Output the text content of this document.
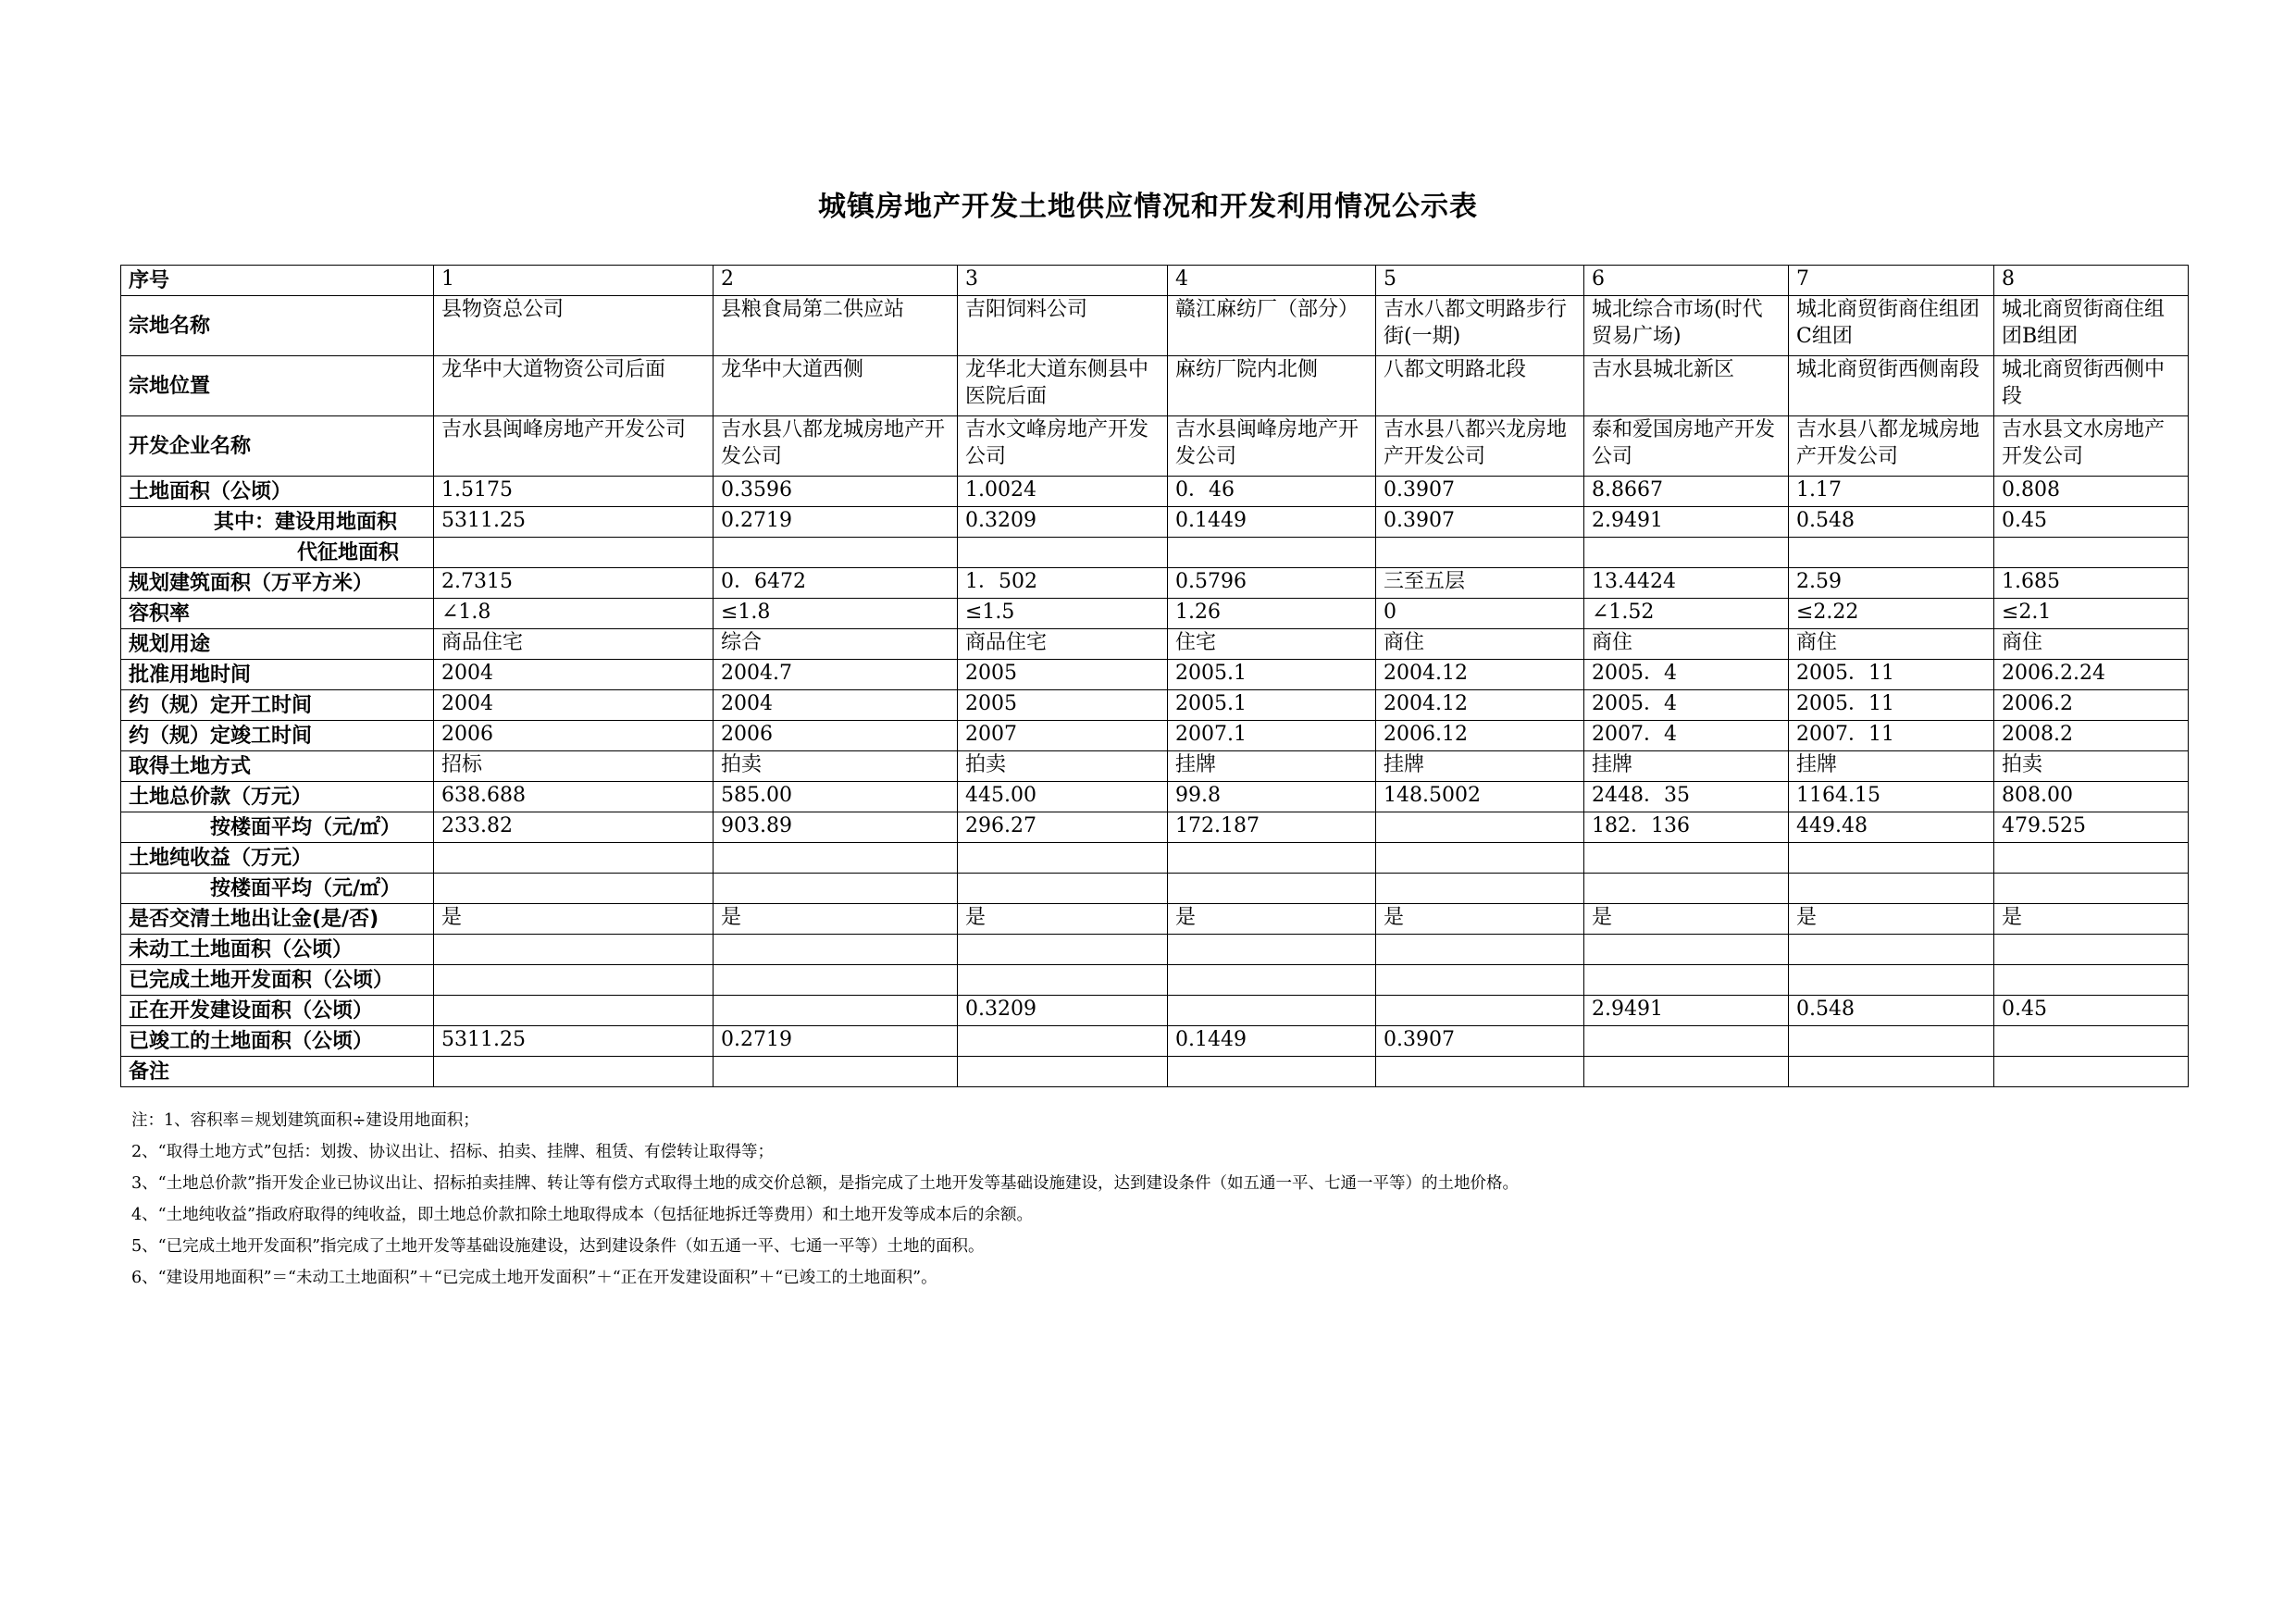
城镇房地产开发土地供应情况和开发利用情况公示表
序号	1	2	3	4	5	6	7	8
宗地名称	县物资总公司	县粮食局第二供应站	吉阳饲料公司	赣江麻纺厂（部分）	吉水八都文明路步行街(一期)	城北综合市场(时代贸易广场)	城北商贸街商住组团C组团	城北商贸街商住组团B组团
宗地位置	龙华中大道物资公司后面	龙华中大道西侧	龙华北大道东侧县中医院后面	麻纺厂院内北侧	八都文明路北段	吉水县城北新区	城北商贸街西侧南段	城北商贸街西侧中段
开发企业名称	吉水县闽峰房地产开发公司	吉水县八都龙城房地产开发公司	吉水文峰房地产开发公司	吉水县闽峰房地产开发公司	吉水县八都兴龙房地产开发公司	泰和爱国房地产开发公司	吉水县八都龙城房地产开发公司	吉水县文水房地产开发公司
土地面积（公顷）	1.5175	0.3596	1.0024	0．46	0.3907	8.8667	1.17	0.808
其中：建设用地面积	5311.25	0.2719	0.3209	0.1449	0.3907	2.9491	0.548	0.45
代征地面积								
规划建筑面积（万平方米）	2.7315	0．6472	1．502	0.5796	三至五层	13.4424	2.59	1.685
容积率	∠1.8	≤1.8	≤1.5	1.26	0	∠1.52	≤2.22	≤2.1
规划用途	商品住宅	综合	商品住宅	住宅	商住	商住	商住	商住
批准用地时间	2004	2004.7	2005	2005.1	2004.12	2005．4	2005．11	2006.2.24
约（规）定开工时间	2004	2004	2005	2005.1	2004.12	2005．4	2005．11	2006.2
约（规）定竣工时间	2006	2006	2007	2007.1	2006.12	2007．4	2007．11	2008.2
取得土地方式	招标	拍卖	拍卖	挂牌	挂牌	挂牌	挂牌	拍卖
土地总价款（万元）	638.688	585.00	445.00	99.8	148.5002	2448．35	1164.15	808.00
按楼面平均（元/㎡）	233.82	903.89	296.27	172.187		182．136	449.48	479.525
土地纯收益（万元）								
按楼面平均（元/㎡）								
是否交清土地出让金(是/否)	是	是	是	是	是	是	是	是
未动工土地面积（公顷）								
已完成土地开发面积（公顷）								
正在开发建设面积（公顷）			0.3209			2.9491	0.548	0.45
已竣工的土地面积（公顷）	5311.25	0.2719		0.1449	0.3907			
备注								
注：1、容积率＝规划建筑面积÷建设用地面积；
2、“取得土地方式”包括：划拨、协议出让、招标、拍卖、挂牌、租赁、有偿转让取得等；
3、“土地总价款”指开发企业已协议出让、招标拍卖挂牌、转让等有偿方式取得土地的成交价总额，是指完成了土地开发等基础设施建设，达到建设条件（如五通一平、七通一平等）的土地价格。
4、“土地纯收益”指政府取得的纯收益，即土地总价款扣除土地取得成本（包括征地拆迁等费用）和土地开发等成本后的余额。
5、“已完成土地开发面积”指完成了土地开发等基础设施建设，达到建设条件（如五通一平、七通一平等）土地的面积。
6、“建设用地面积”＝“未动工土地面积”＋“已完成土地开发面积”＋“正在开发建设面积”＋“已竣工的土地面积”。
